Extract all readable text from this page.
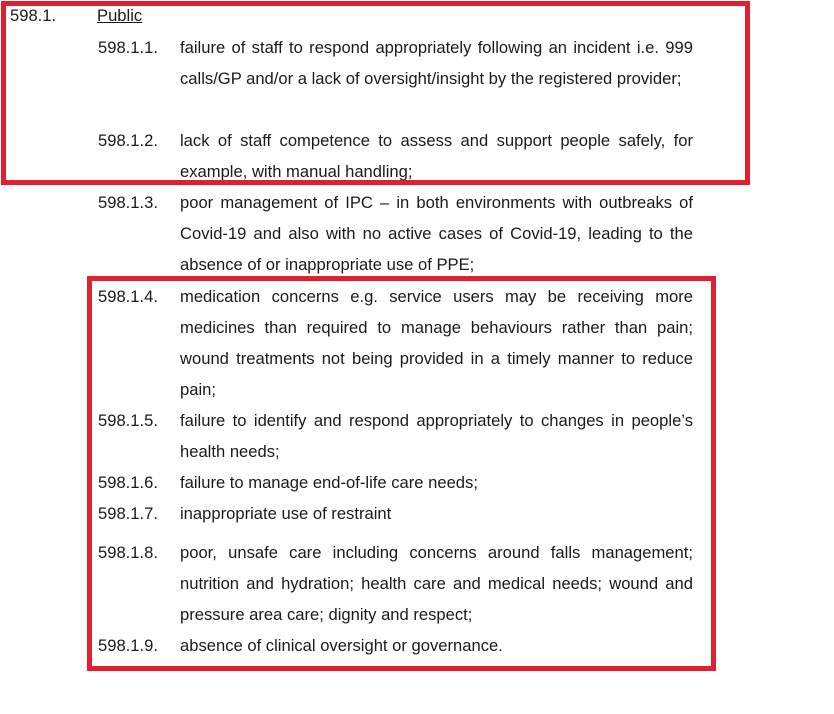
598.1. Public
598.1.1. failure of staff to respond appropriately following an incident i.e. 999 calls/GP and/or a lack of oversight/insight by the registered provider;
598.1.2. lack of staff competence to assess and support people safely, for example, with manual handling;
598.1.3. poor management of IPC – in both environments with outbreaks of Covid-19 and also with no active cases of Covid-19, leading to the absence of or inappropriate use of PPE;
598.1.4. medication concerns e.g. service users may be receiving more medicines than required to manage behaviours rather than pain; wound treatments not being provided in a timely manner to reduce pain;
598.1.5. failure to identify and respond appropriately to changes in people’s health needs;
598.1.6. failure to manage end-of-life care needs;
598.1.7. inappropriate use of restraint
598.1.8. poor, unsafe care including concerns around falls management; nutrition and hydration; health care and medical needs; wound and pressure area care; dignity and respect;
598.1.9. absence of clinical oversight or governance.
